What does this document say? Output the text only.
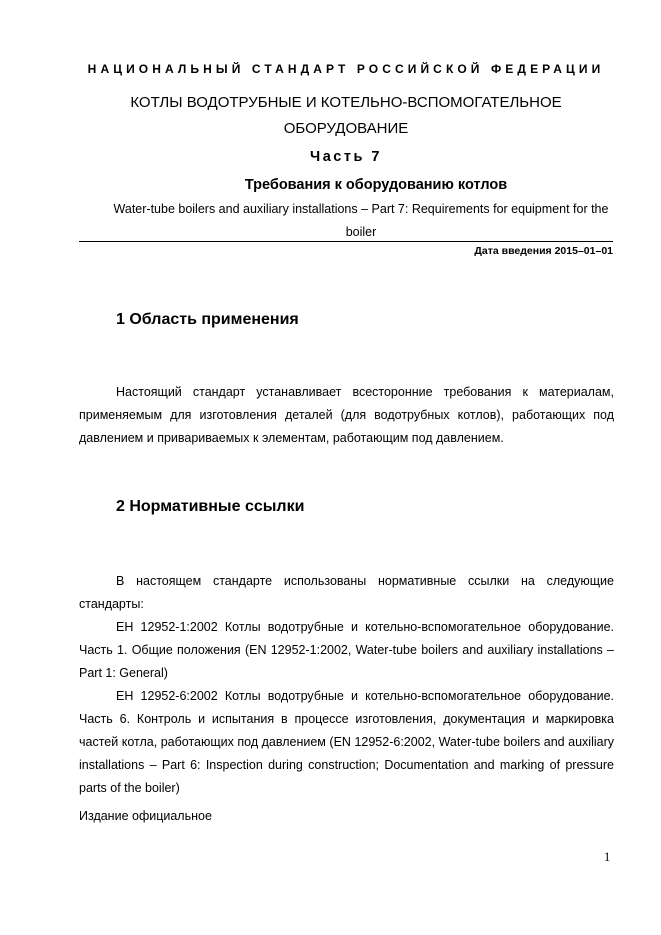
НАЦИОНАЛЬНЫЙ СТАНДАРТ РОССИЙСКОЙ ФЕДЕРАЦИИ
КОТЛЫ ВОДОТРУБНЫЕ И КОТЕЛЬНО-ВСПОМОГАТЕЛЬНОЕ
ОБОРУДОВАНИЕ
Часть 7
Требования к оборудованию котлов
Water-tube boilers and auxiliary installations – Part 7: Requirements for equipment for the boiler
Дата введения 2015–01–01
1 Область применения

Настоящий стандарт устанавливает всесторонние требования к материалам, применяемым для изготовления деталей (для водотрубных котлов), работающих под давлением и привариваемых к элементам, работающим под давлением.

2 Нормативные ссылки

В настоящем стандарте использованы нормативные ссылки на следующие стандарты:

ЕН 12952-1:2002 Котлы водотрубные и котельно-вспомогательное оборудование. Часть 1. Общие положения (EN 12952-1:2002, Water-tube boilers and auxiliary installations – Part 1: General)

ЕН 12952-6:2002 Котлы водотрубные и котельно-вспомогательное оборудование. Часть 6. Контроль и испытания в процессе изготовления, документация и маркировка частей котла, работающих под давлением (EN 12952-6:2002, Water-tube boilers and auxiliary installations – Part 6: Inspection during construction; Documentation and marking of pressure parts of the boiler)

Издание официальное
1
